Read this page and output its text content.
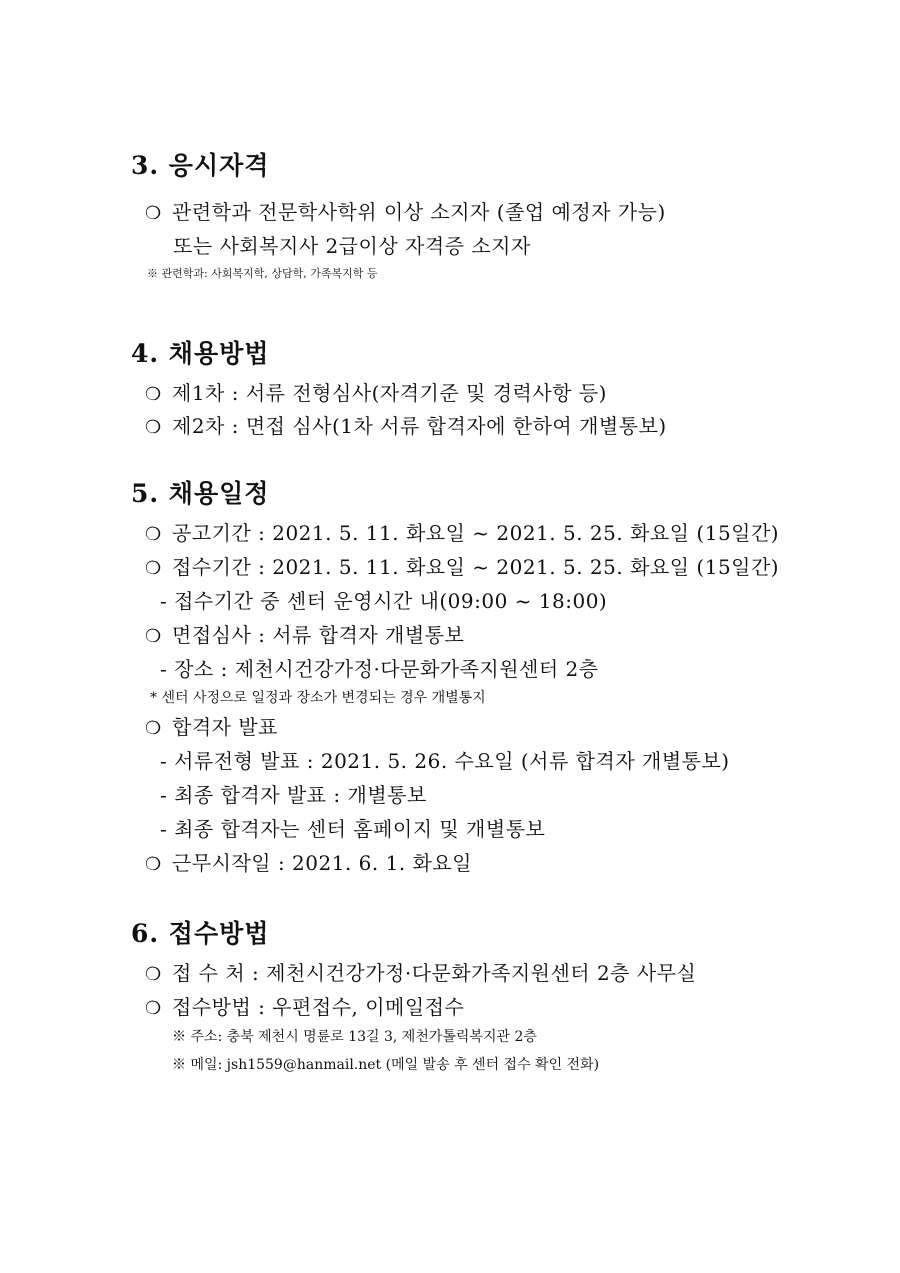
3. 응시자격

❍ 관련학과 전문학사학위 이상 소지자 (졸업 예정자 가능)

또는 사회복지사 2급이상 자격증 소지자

※ 관련학과: 사회복지학, 상담학, 가족복지학 등

4. 채용방법

❍ 제1차 : 서류 전형심사(자격기준 및 경력사항 등)

❍ 제2차 : 면접 심사(1차 서류 합격자에 한하여 개별통보)

5. 채용일정

❍ 공고기간 : 2021. 5. 11. 화요일 ~ 2021. 5. 25. 화요일 (15일간)

❍ 접수기간 : 2021. 5. 11. 화요일 ~ 2021. 5. 25. 화요일 (15일간)

- 접수기간 중 센터 운영시간 내(09:00 ~ 18:00)

❍ 면접심사 : 서류 합격자 개별통보

- 장소 : 제천시건강가정·다문화가족지원센터 2층

* 센터 사정으로 일정과 장소가 변경되는 경우 개별통지

❍ 합격자 발표

- 서류전형 발표 : 2021. 5. 26. 수요일 (서류 합격자 개별통보)

- 최종 합격자 발표 : 개별통보

- 최종 합격자는 센터 홈페이지 및 개별통보

❍ 근무시작일 : 2021. 6. 1. 화요일

6. 접수방법

❍ 접 수 처 : 제천시건강가정·다문화가족지원센터 2층 사무실

❍ 접수방법 : 우편접수, 이메일접수

※ 주소: 충북 제천시 명륜로 13길 3, 제천가톨릭복지관 2층

※ 메일: jsh1559@hanmail.net (메일 발송 후 센터 접수 확인 전화)
